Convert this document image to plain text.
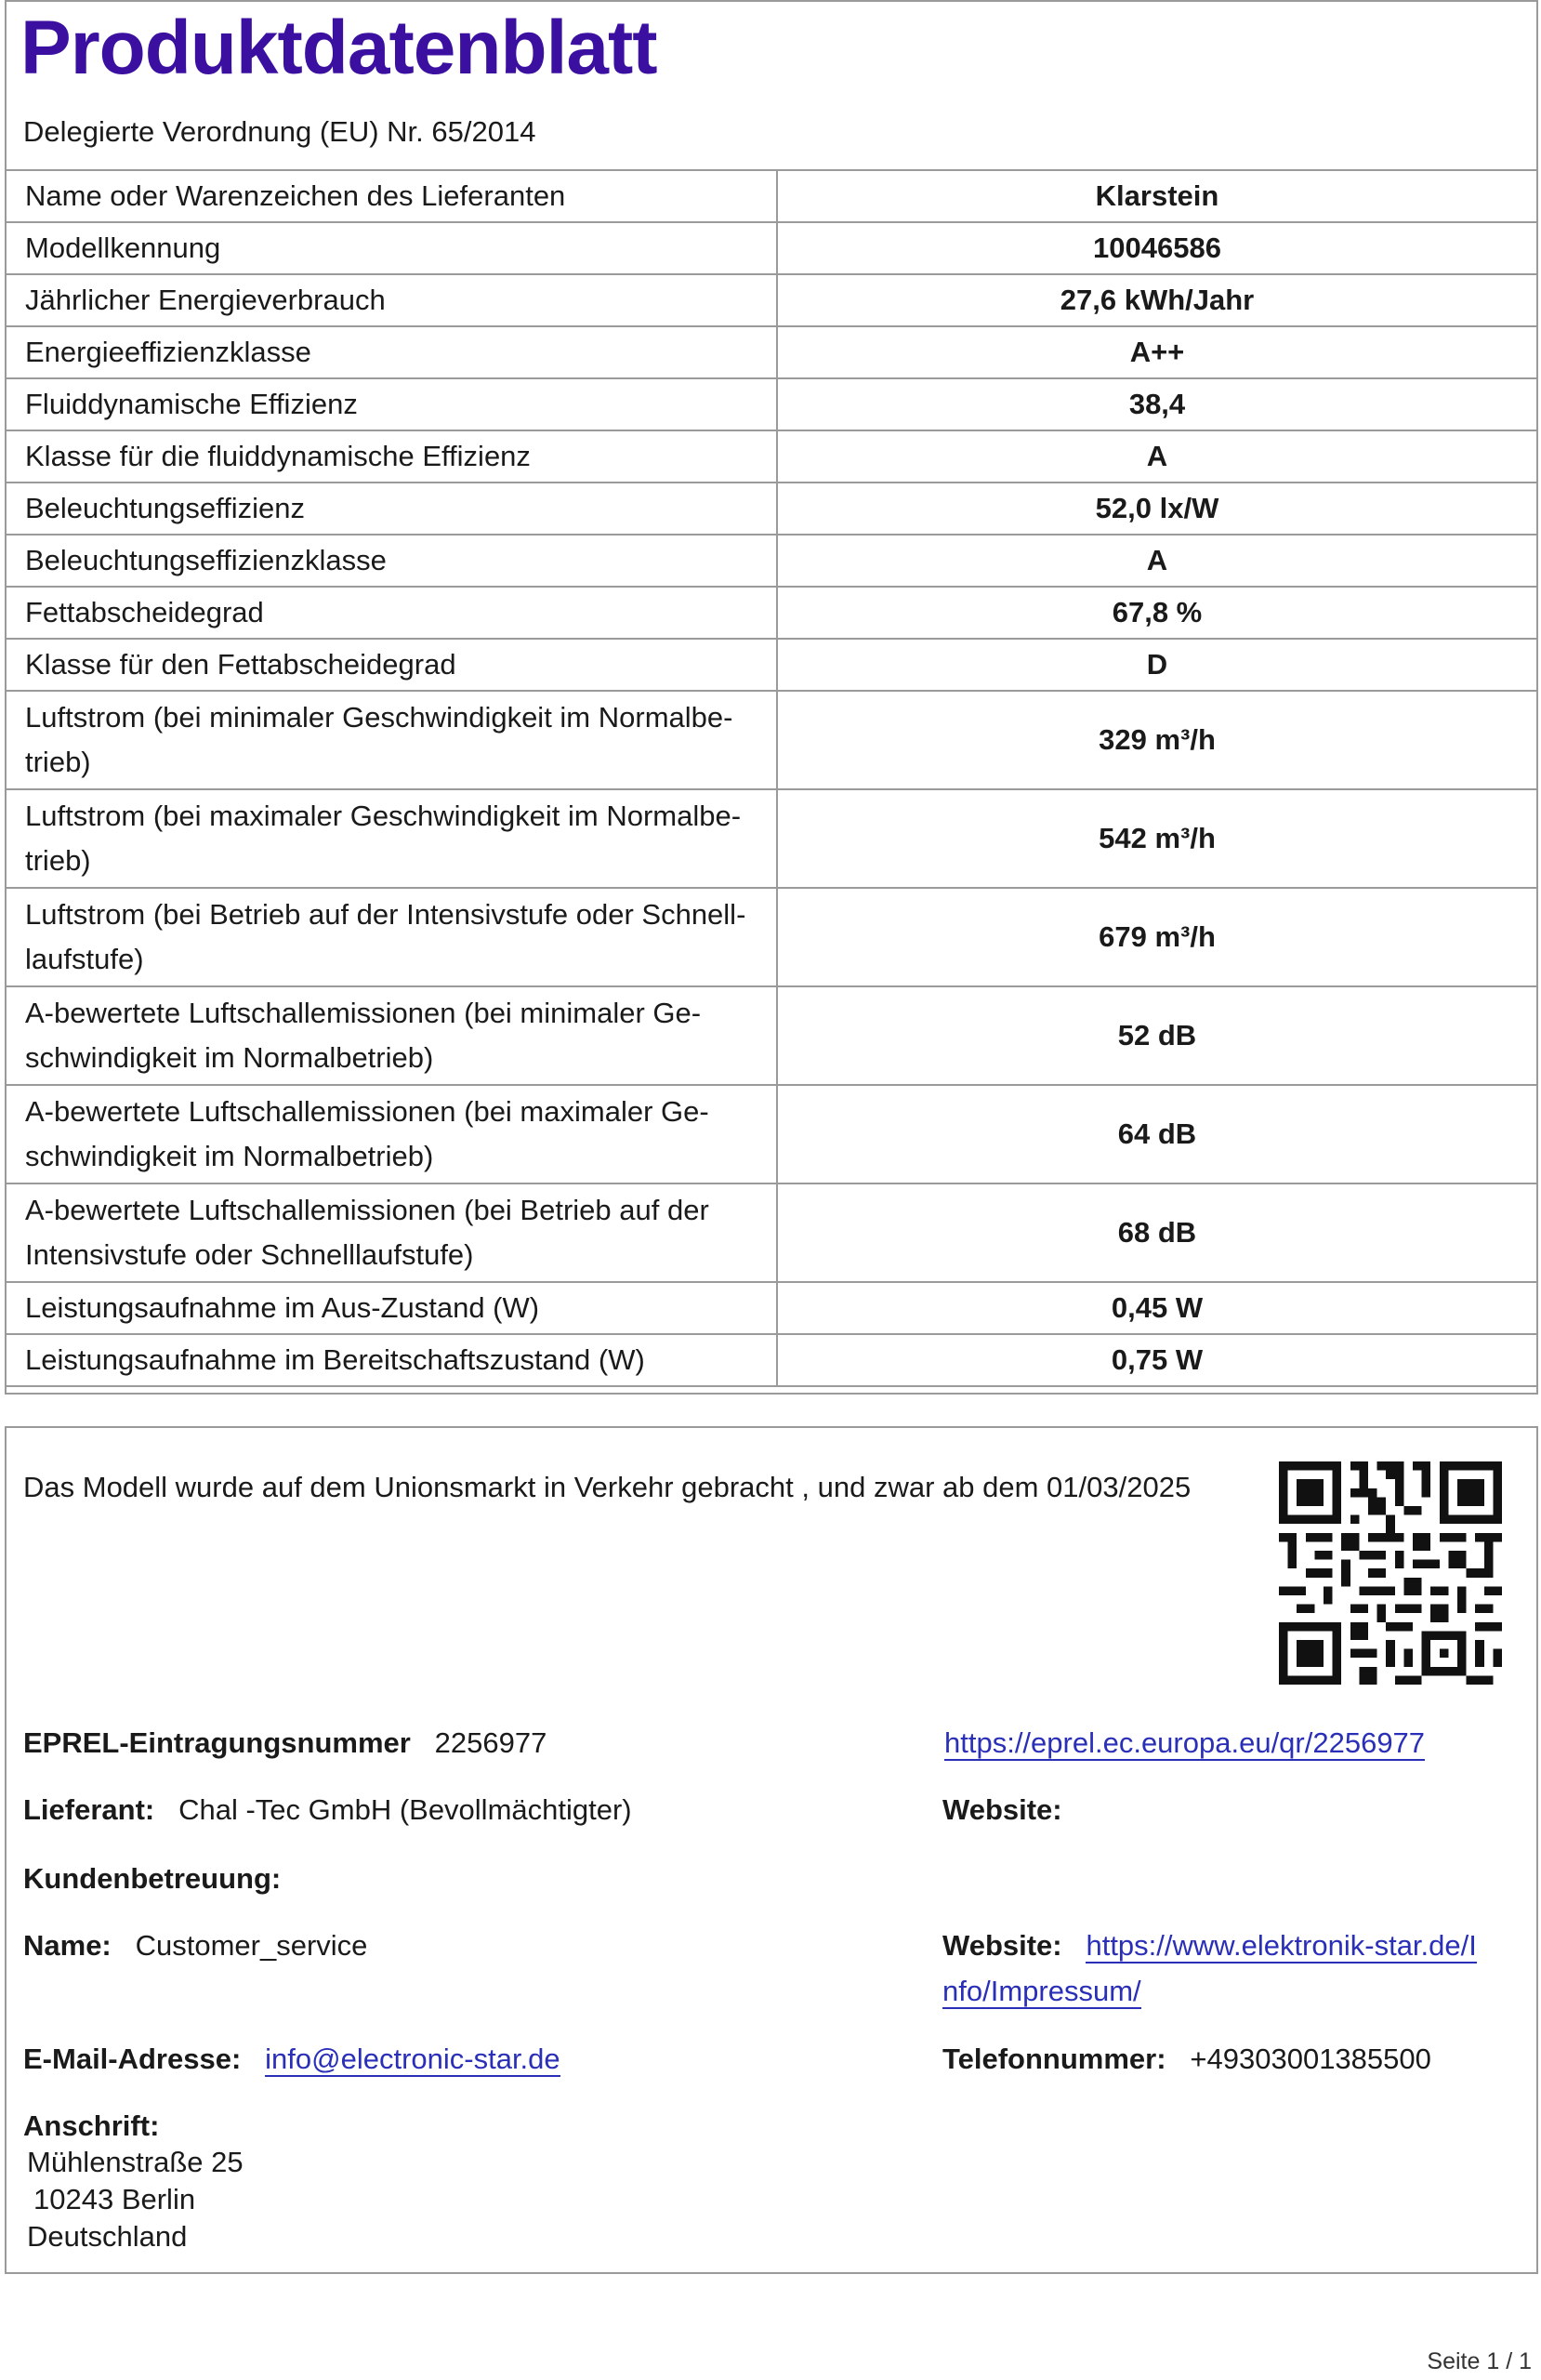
Produktdatenblatt
Delegierte Verordnung (EU) Nr. 65/2014
Name oder Warenzeichen des Lieferanten	Klarstein
Modellkennung	10046586
Jährlicher Energieverbrauch	27,6 kWh/Jahr
Energieeffizienzklasse	A++
Fluiddynamische Effizienz	38,4
Klasse für die fluiddynamische Effizienz	A
Beleuchtungseffizienz	52,0 lx/W
Beleuchtungseffizienzklasse	A
Fettabscheidegrad	67,8 %
Klasse für den Fettabscheidegrad	D
Luftstrom (bei minimaler Geschwindigkeit im Normalbe- trieb)	329 m³/h
Luftstrom (bei maximaler Geschwindigkeit im Normalbe- trieb)	542 m³/h
Luftstrom (bei Betrieb auf der Intensivstufe oder Schnell- laufstufe)	679 m³/h
A-bewertete Luftschallemissionen (bei minimaler Ge- schwindigkeit im Normalbetrieb)	52 dB
A-bewertete Luftschallemissionen (bei maximaler Ge- schwindigkeit im Normalbetrieb)	64 dB
A-bewertete Luftschallemissionen (bei Betrieb auf der Intensivstufe oder Schnelllaufstufe)	68 dB
Leistungsaufnahme im Aus-Zustand (W)	0,45 W
Leistungsaufnahme im Bereitschaftszustand (W)	0,75 W
Das Modell wurde auf dem Unionsmarkt in Verkehr gebracht , und zwar ab dem 01/03/2025
EPREL-Eintragungsnummer 2256977	https://eprel.ec.europa.eu/qr/2256977
Lieferant: Chal -Tec GmbH (Bevollmächtigter)	Website:
Kundenbetreuung:
Name: Customer_service	Website: https://www.elektronik-star.de/I
nfo/Impressum/
E-Mail-Adresse: info@electronic-star.de	Telefonnummer: +49303001385500
Anschrift:
Mühlenstraße 25
10243 Berlin
Deutschland
Seite 1 / 1
